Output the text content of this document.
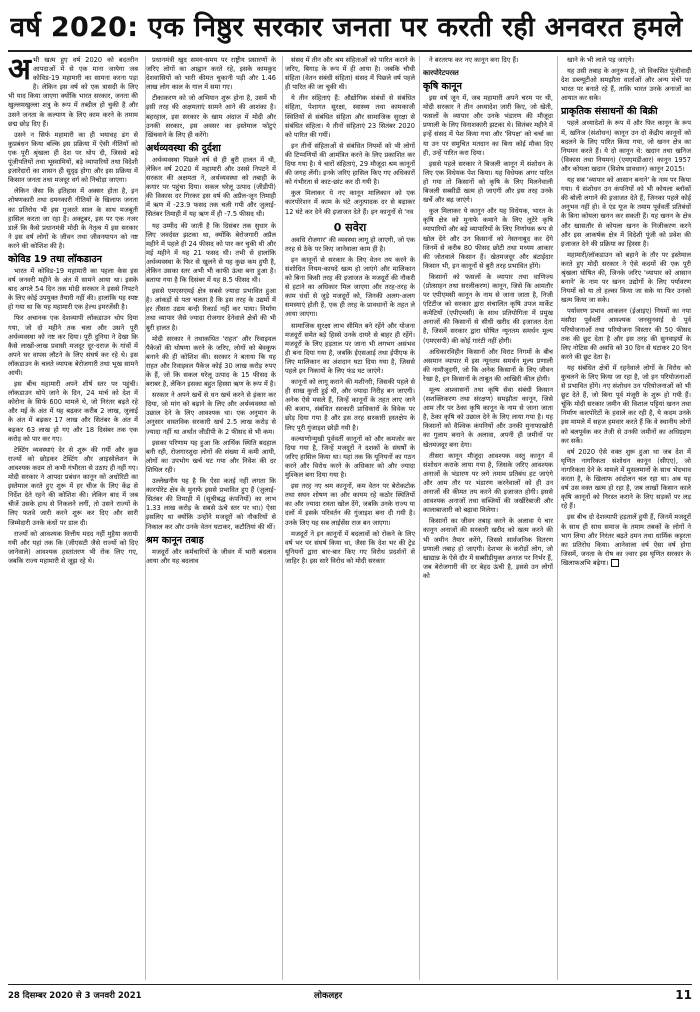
वर्ष 2020: एक निष्ठुर सरकार जनता पर करती रही अनवरत हमले

अभी खत्म हुए वर्ष 2020 को बदतरीन आपदाओं में से एक माना जायेगा जब कोविड-19 महामारी का सामना करना पड़ा है। लेकिन इस वर्ष को एक त्रासदी के लिए भी याद किया जाएगा क्योंकि भारत सरकार, जनता की खुल्लमखुल्ला शत्रु के रूप में तब्दील हो चुकी है और उसने जनता के कल्याण के लिए काम करने के तमाम छद्म छोड़ दिए हैं।

उसने न सिर्फ महामारी का ही भयावह ढंग से कुप्रबंधन किया बल्कि इस प्रक्रिया में ऐसी नीतियाँ को एक पूरी श्रृंखला ही देश पर थोप दी, जिससे बड़े पूंजीपतियों तथा भूस्वामियों, बड़े व्यापारियों तथा विदेशी इजारेदारों का शासन ही सुदृढ़ होगा और इस प्रक्रिया में किसान जनता तथा मजदूर वर्ग को निचोड़ा जाएगा।

लेकिन जैसा कि इतिहास में अक्सर होता है, इन शोषणकारी तथा दमनकारी नीतियों के खिलाफ जनता का प्रतिरोध भी इस गुजरते साल के साथ मजबूती हासिल करता जा रहा है। अक्टूबर, इस पर एक नजर डालें कि कैसे प्रधानमंत्री मोदी के नेतृत्व में इस सरकार ने इस वर्ष लोगों के जीवन तथा जीवनयापन को नष्ट करने की कोशिश की है।

कोविड 19 तथा लॉकडाउन

भारत में कोविड-19 महामारी का पहला केस इस वर्ष जनवरी महीने के अंत में सामने आया था। इसके बाद अगले 54 दिन तक मोदी सरकार ने इससे निपटने के लिए कोई उपयुक्त तैयारी नहीं की। हालांकि यह स्पष्ट हो गया था कि यह महामारी एक हेल्थ इमरजेंसी है।

फिर अचानक एक देशव्यापी लॉकडाउन थोप दिया गया, जो दो महीने तक चला और उसने पूरी अर्थव्यवस्था को नष्ट कर दिया। पूरी दुनिया ने देखा कि कैसे लाखों-लाख प्रवासी मजदूर दूर-दराज के गांवों में अपने घर वापस लौटने के लिए संघर्ष कर रहे थे। इस लॉकडाउन के चलते व्यापक बेरोजगारी तथा भूख सामने आयी।

इस बीच महामारी अपने शीर्ष स्तर पर पहुंची। लॉकडाउन थोपे जाने के दिन, 24 मार्च को देश में कोरोना के सिर्फ 600 मामले थे, जो निरंतर बढ़ते रहे और मई के अंत में यह बढ़कर करीब 2 लाख, जुलाई के अंत में बढ़कर 17 लाख और सितंबर के अंत में बढ़कर 63 लाख हो गए और 18 दिसंबर तक एक करोड़ को पार कर गए।

टेस्टिंग व्यवस्थाएं देर से शुरू की गयीं और कुछ राज्यों को छोड़कर टेस्टिंग और आइसोलेशन के आवश्यक कदम तो कभी गंभीरता से उठाए ही नहीं गए। मोदी सरकार ने आपदा प्रबंधन कानून को अधोरिटी का इस्तेमाल करते हुए शुरू में हर चीज के लिए केंद्र से निर्देश देते रहने की कोशिश की। लेकिन बाद में जब चीजें उसके हाथ से निकलने लगीं, तो उसने राज्यों के लिए फतवे जारी करने शुरू कर दिए और सारी जिम्मेदारी उनके कंधों पर डाल दी।

राज्यों को आवश्यक वित्तीय मदद नहीं मुहैया करायी गयी और यहां तक कि (जीएसटी जैसे राज्यों को दिए जानेवाले) आवश्यक हस्तांतरण भी रोक लिए गए, जबकि राज्य महामारी से जूझ रहे थे।

प्रधानमंत्री खुद समय-समय पर राष्ट्रीय प्रसारणों के जरिए लोगों का आह्वान करते रहे, इसके कामकुद देशवासियों को भारी कीमत चुकानी पड़ी और 1.46 लाख लोग काल के गाल में समा गए।

टीकाकरण को जो अभियान शुरू होना है, उसमें भी इसी तरह की अक्षमताएं सामने आने की आशंका है। बहरहाल, इस सरकार के खाम अंदाज में मोदी और उनकी सरकार, इस अवसर का इस्तेमाल फोटुएं खिंचवाने के लिए ही करेंगे।

अर्थव्यवस्था की दुर्दशा

अर्थव्यवस्था पिछले वर्ष से ही बुरी हालत में थी, लेकिन वर्ष 2020 में महामारी और उससे निपटने में सरकार की अक्षमता ने, अर्थव्यवस्था को तबाही के कगार पर पहुंचा दिया। सकल घरेलू उत्पाद (जीडीपी) की विकास दर गिरकर इस वर्ष की अप्रैल-जून तिमाही में ऋण में -23.9 फसद तक चली गयी और जुलाई-सितंबर तिमाही में यह ऋण में ही -7.5 फीसद थी।

यह उम्मीद की जाती है कि दिसंबर तक सुधार के लिए जवर्दस्त झटका था, क्योंकि बेरोजगारी अप्रैल महीने में पहले ही 24 फीसद को पार कर चुकी थी और मई महीने में यह 21 फसद थी। तभी से हालांकि अर्थव्यवस्था के फिर से खुलने से यह कुछ कम हुयी है, लेकिन उसका स्तर अभी भी काफी ऊंचा बना हुआ है। बताया गया है कि दिसंबर में यह 8.5 फीसद थी।

इससे एमएसएमई क्षेत्र सबसे ज्यादा प्रभावित हुआ है। आंकड़ों से पता चलता है कि इस तरह के उद्यमों में हर तीसरा उद्यम बन्दी रिकार्ड नहीं कर पाया। निर्माण तथा व्यापार जैसे ज्यादा रोजगार देनेवाले क्षेत्रों की भी बुरी हालत है।

मोदी सरकार ने तथाकथित 'राहत' और रिवाइवल पैकेजों की घोषणा करने के जरिए, लोगों को बेवकूफ बनाने की ही कोशिश की। सरकार ने बताया कि यह राहत और रिवाइवल पैकेज कोई 30 लाख करोड़ रुपए के हैं, जो कि सकल घरेलू उत्पाद के 15 फीसद के बराबर है, लेकिन इसका बहुत हिस्सा ऋण के रूप में है।

सरकार ने अपने खर्चे से धन खर्च करने से इंकार कर दिया, जो मांग को बढ़ाने के लिए और अर्थव्यवस्था को उछाल देने के लिए आवश्यक था। एक अनुमान के अनुसार वास्तविक सरकारी खर्च 2.5 लाख करोड़ से ज्यादा नहीं था अर्थात जीडीपी के 2 फीसद से भी कम।

इसका परिणाम यह हुआ कि आर्थिक स्थिति बदहाल बनी रही, रोजगारशुदा लोगों की संख्या में कमी आयी, लोगों का उपभोग खर्च घट गया और निवेश की दर शिथिल रही।

उल्लेखनीय यह है कि ऐसा कतई नहीं लगता कि कारपोरेट क्षेत्र के मुनाफे इससे प्रभावित हुए हैं (जुलाई-सितंबर की तिमाही में (सूचीबद्ध कंपनियों) का लाभ 1.33 लाख करोड़ के सबसे ऊंचे स्तर पर था।) ऐसा इसलिए था क्योंकि उन्होंने मजदूरों को नौकरियों से निकाल कर और उनके वेतन घटाकर, कटौतियां की थीं।

श्रम कानून तबाह

मजदूरों और कर्मचारियों के जीवन में भारी बदलाव आया और यह बदलाव

संसद में तीन और श्रम संहिताओं को पारित कराने के जरिए, बिगाड़ के रूप में ही आया है। जबकि चौथी संहिता (वेतन संबंधी संहिता) संसद में पिछले वर्ष पहले ही पारित की जा चुकी थी।

ये तीन संहिताएं हैं: औद्योगिक संबंधों से संबंधित संहिता, पेशागत सुरक्षा, स्वास्थ्य तथा कामकाजी स्थितियों से संबंधित संहिता और सामाजिक सुरक्षा से संबंधित संहिता। ये तीनों संहिताएं 23 सितंबर 2020 को पारित की गयीं।

इन तीनों संहिताओं से संबंधित नियमों को भी लोगों की टिप्पणियों की आमंत्रित करने के लिए प्रकाशित कर दिया गया है। ये चारों संहिताएं, 29 मौजूदा श्रम कानूनों की जगह लेंगी। इनके जरिए हासिल किए गए अधिकारों को गंभीरता से काट-छांट कर दी गयी है।

कुल मिलाकर ये नए कानून मालिकान को एक कारपोरेशन में काम के घंटे अनुत्पादक दर से बढ़ाकर 12 घंटे कर देने की इजाजत देते हैं। इन कानूनों से 'नव

0 सवेरा

अवधि रोजगार' की व्यवस्था लागू हो जाएगी, जो एक तरह से ठेके पर किए जानेवाला काम ही है।

इन कानूनों से सरकार के लिए वेतन तय करने के संशोधित नियम-कायदे खत्म हो जाएंगे और मालिकान को बिना किसी तरह की इजाजत के मजदूरों की नौकरी से हटाने का अधिकार मिल जाएगा और तरह-तरह के काम धंधों से जुड़े मजदूरों को, जिनकी अलग-अलग समस्याएं होती हैं, एक ही तरह के प्रावधानों के तहत ले आया जाएगा।

सामाजिक सुरक्षा लाभ सीमित बने रहेंगे और योजना मजदूरों समेत बड़े हिस्से उनके दायरे से बाहर ही रहेंगे। मजदूरों के लिए हड़ताल पर जाना भी लगभग असंभव ही बना दिया गया है, जबकि ईएसआई तथा ईपीएफ के लिए मालिकान का अंशदान घटा दिया गया है, जिससे पहले इन निकायों के लिए फंड घट जाएंगे।

कानूनों को लागू कराने की मशीनरी, जिसकी पहले से ही साख कुत्ती हुई थी, और ज्यादा निरीह बन जाएगी। अनेक ऐसे मसले हैं, जिन्हें कानूनों के तहत लाए जाने की बजाय, संबंधित सरकारी प्राधिकारों के विवेक पर छोड़ दिया गया है और इस तरह सरकारी हस्तक्षेप के लिए पूरी गुंजाइश छोड़ी गयी है।

कल्याणोन्मुखी पूर्ववर्ती कानूनों को और कमजोर कर दिया गया है, जिन्हें मजदूरों ने दशकों के संघर्षों के जरिए हासिल किया था। यहां तक कि यूनियनों का गठन करने और विरोध करने के अधिकार को और ज्यादा मुश्किल बना दिया गया है।

इस तरह नए श्रम कानूनों, कम वेतन पर बेरोकटोक तथा सघन शोषण का और कायम रहे कठोर स्थितियों का और ज्यादा रास्ता खोल देंगे, जबकि उनके राज्य या दलों में इसके परिवर्तन की गुंजाइश बना दी गयी है। उनके लिए यह सब लाईसेंस राज बन जाएगा।

मजदूरों ने इन कानूनों में बदलावों को रोकने के लिए वर्ष भर पर संघर्ष किया था, जैसा कि देश भर की ट्रेड यूनियनों द्वारा बार-बार किए गए विरोध प्रदर्शनों से जाहिर है। इस सारे विरोध को मोदी सरकार

ने बरतरफ कर नए कानून बना दिए हैं।

कारपोरेटपरस्त
कृषि कानून

इस वर्ष जून में, जब महामारी अपने चरम पर थी, मोदी सरकार ने तीन अध्यादेश जारी किए, जो खेती, फसलों के व्यापार और उनके भंडारण की मौजूदा प्रणाली के लिए विनाशकारी झटका थे। सितंबर महीने में इन्हें संसद में पेश किया गया और 'विपक्ष' को चर्चा का या उन पर समुचित मतदान का बिना कोई मौका दिए ही, उन्हें पारित करा दिया।

इससे पहले सरकार ने बिजली कानून में संशोधन के लिए एक विधेयक पेश किया। यह विधेयक अगर पारित हो गया तो किसानों को कृषि के लिए मिलनेवाली बिजली सब्सीडी खत्म हो जाएगी और इस तरह उनके खर्चे और बढ़ जाएंगे।

कुल मिलाकर ये कानून और यह विधेयक, भारत के कृषि क्षेत्र को मुनाफे कमाने के लिए लुटेरे कृषि व्यापारियों और बड़े व्यापारियों के लिए निर्णायक रूप से खोल देंगे और उन किसानों को नेस्तनाबूद कर देंगे जिनमें से करीब 80 फीसद छोटी तथा मध्यम आकार की जोतवाले किसान हैं। खेतमजदूर और बंटाईदार किसान भी, इन कानूनों से बुरी तरह प्रभावित होंगे।

किसानों को फसलों के व्यापार तथा वाणिज्य (प्रोत्साहन तथा सरलीकरण) कानून, जिसे कि आमतौर पर एपीएमसी कानून के नाम से जाना जाता है, निजी एंटिटीज को सरकार द्वारा संचालित कृषि उपज मार्केट कमेटियों (एपीएमसी) के साथ प्रतियोगिता में प्रमुख अनाजों की किसानों से सीधी खरीद की इजाजत देता है, जिसमें सरकार द्वारा घोषित न्यूनतम समर्थन मूल्य (एमएसपी) की कोई गारंटी नहीं होगी।

अधिकारविहीन किसानों और विराट निगमों के बीच असमान व्यापार में इस न्यूनतम समर्थन मूल्य प्रणाली की नामौजूदगी, जो कि अनेक किसानों के लिए जीवन रेखा है, इन किसानों के ताबूत की आखिरी कील होगी।

मूल्य आश्वासनों तथा कृषि सेवा संबंधी किसान (सशक्तिकरण तथा संरक्षण) समझौता कानून, जिसे आम तौर पर ठेका कृषि कानून के नाम से जाना जाता है, ठेका कृषि को उछाल देने के लिए लाया गया है। यह किसानों को वैश्विक कंपनियों और उनकी मुनाफाखोरी का गुलाम बनाने के अलावा, अपनी ही जमीनों पर खेतमजदूर बना देगा।

तीसरा कानून मौजूदा आवश्यक वस्तु कानून में संशोधन कराके लाया गया है, जिसके जरिए आवश्यक अनाजों के भंडारण पर लगे तमाम प्रतिबंध हट जाएंगे और आम तौर पर भंडारण करनेवालों को ही उन अनाजों की कीमत तय करने की इजाजत होगी। इससे आवश्यक अनाजों तथा सब्जियों की जखीरेबाजी और कालाबाजारी को बढ़ावा मिलेगा।

किसानों का जीवन तबाह करने के अलावा ये चार कानून अनाजों की सरकारी खरीद को खत्म करने की भी जमीन तैयार करेंगे, जिससे सार्वजनिक वितरण प्रणाली तबाह हो जाएगी। देशभर के करोड़ों लोग, जो खाद्यान्न के ऐसे दौर में सब्सीडीयुक्त अनाज पर निर्भर हैं, जब बेरोजगारी की दर बेहद ऊंची है, इससे उन लोगों को

खाने के भी लाले पड़ जाएंगे।

यह उसी तबाह के अनुरूप है, जो विकसित पूंजीवादी देश डब्ल्यूटीओ समझौता वार्ताओं और अन्य मंचों पर भारत पर बनाते रहे हैं, ताकि भारत उनके अनाजों का आयात कर सके।

प्राकृतिक संसाधनों की बिक्री

पहले अध्यादेशों के रूप में और फिर कानून के रूप में, खनिज (संशोधन) कानून उन दो केंद्रीय कानूनों को बदलने के लिए पारित किया गया, जो खनन क्षेत्र का नियमन करते हैं। ये दो कानून थे: खदान तथा खनिज (विकास तथा नियमन) (एमएमडीआर) कानून 1957 और कोयला खदान (विशेष प्रावधान) कानून 2015।

यह सब 'व्यापार को आसान बनाने' के नाम पर किया गया। ये संशोधन उन कंपनियों को भी कोयला ब्लॉकों की बोली लगाने की इजाजत देते हैं, जिनका पहले कोई अनुभव नहीं हो। वे एंड यूज के तमाम पूर्ववर्ती प्रतिबंधों के बिना कोयला खनन कर सकती हैं। यह खनन के क्षेत्र और खासतौर से कोयला खनन के निजीकरण करने और इस आकर्षक क्षेत्र में विदेशी पूंजी को प्रवेश की इजाजत देने की प्रक्रिया का हिस्सा है।

महामारी/लॉकडाउन को बहाने के तौर पर इस्तेमाल करते हुए मोदी सरकार ने ऐसे कदमों की एक पूरी श्रृंखला घोषित की, जिनके जरिए 'व्यापार को आसान बनाने' के नाम पर खनन उद्योगों के लिए पर्यावरण नियमों को या तो हल्का किया जा सके या फिर उनको खत्म किया जा सके।

पर्यावरण प्रभाव आकलन (ईआइए) नियमों का नया मसौदा पूर्ववर्ती आवश्यक जनसुनवाई से पूर्व परियोजनाओं तथा परियोजना विस्तार की 50 फीसद तक की छूट देता है और इस तरह की सुनवाइयों के लिए नोटिस की अवधि को 30 दिन से घटाकर 20 दिन करने की छूट देता है।

यह संबंधित क्षेत्रों में रहनेवाले लोगों के विरोध को कुचलने के लिए किया जा रहा है, जो इन परियोजनाओं से प्रभावित होंगे। नए संशोधन उन परियोजनाओं को भी छूट देते हैं, जो बिना पूर्व मंजूरी के शुरू हो गयी हैं। चूंकि मोदी सरकार जमीन की विशाल पट्टियां खनन तथा निर्माण कारपोरेटों के हवाले कर रही है, ये कदम उनके इस मामले में सहज हमवार करते हैं कि वे स्थानीय लोगों को बलपूर्वक कर तेजी से उनकी जमीनों का अधिग्रहण कर सकें।

वर्ष 2020 ऐसे वक्त शुरू हुआ था जब देश में घृणित नागरिकता संशोधन कानून (सीएए), जो नागरिकता देने के मामले में मुसलमानों के साथ भेदभाव करता है, के खिलाफ आंदोलन चल रहा था। अब यह वर्ष उस वक्त खत्म हो रहा है, जब लाखों किसान काले कृषि कानूनों को निरस्त कराने के लिए सड़कों पर लड़ रहे हैं।

इस बीच दो देशव्यापी हड़तालें हुयी हैं, जिनमें मजदूरों के साथ ही साथ समाज के तमाम तबकों के लोगों ने भाग लिया और निरंतर बढ़ते दमन तथा धार्मिक कट्टरता का प्रतिरोध किया। आनेवाला वर्ष ऐसा वर्ष होगा जिसमें, जनता के रोष का ज्वार इस घृणित सरकार के खिलाफअभि बढ़ेगा।

28 दिसम्बर 2020 से 3 जनवरी 2021	लोकलहर	11
